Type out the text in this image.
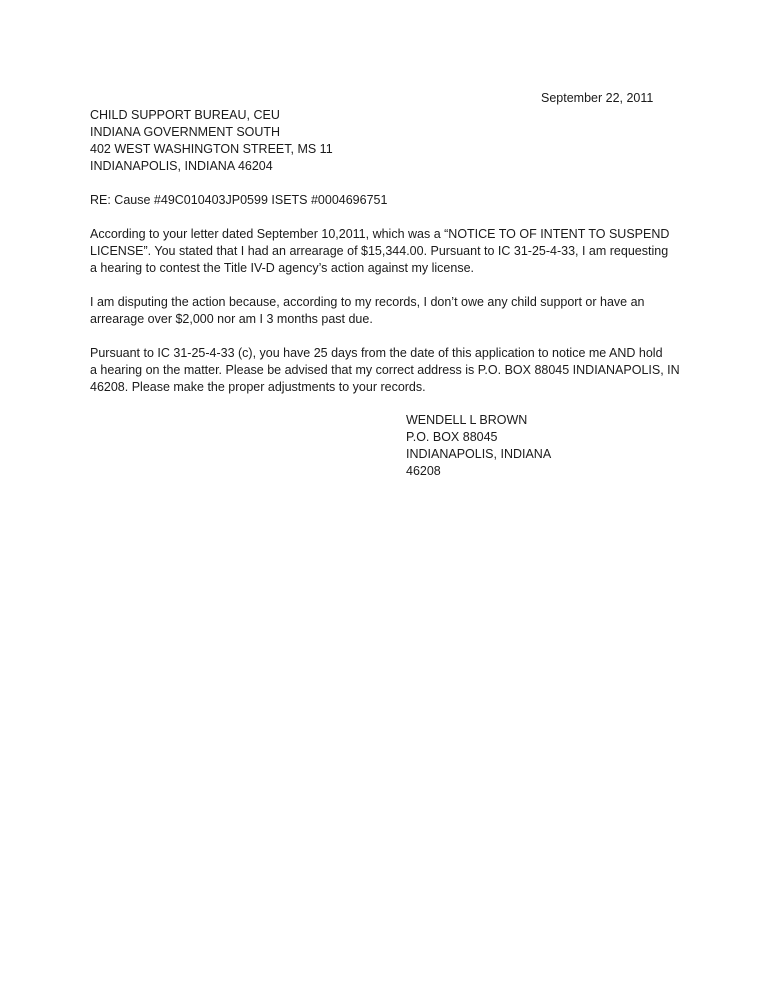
September 22, 2011
CHILD SUPPORT BUREAU, CEU
INDIANA GOVERNMENT SOUTH
402 WEST WASHINGTON STREET, MS 11
INDIANAPOLIS, INDIANA 46204
RE: Cause #49C010403JP0599 ISETS #0004696751
According to your letter dated September 10,2011, which was a “NOTICE TO OF INTENT TO SUSPEND
LICENSE”. You stated that I had an arrearage of $15,344.00. Pursuant to IC 31-25-4-33, I am requesting
a hearing to contest the Title IV-D agency’s action against my license.
I am disputing the action because, according to my records, I don’t owe any child support or have an
arrearage over $2,000 nor am I 3 months past due.
Pursuant to IC 31-25-4-33 (c), you have 25 days from the date of this application to notice me AND hold
a hearing on the matter. Please be advised that my correct address is P.O. BOX 88045 INDIANAPOLIS, IN
46208. Please make the proper adjustments to your records.
WENDELL L BROWN
P.O. BOX 88045
INDIANAPOLIS, INDIANA
46208
